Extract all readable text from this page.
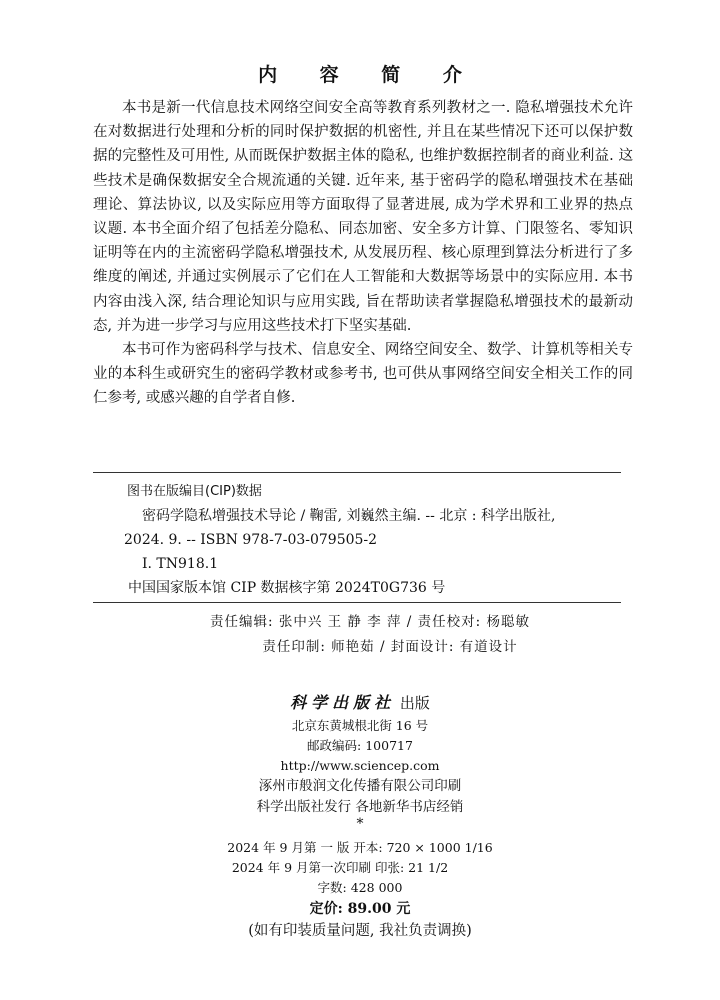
内 容 简 介

本书是新一代信息技术网络空间安全高等教育系列教材之一. 隐私增强技术允许在对数据进行处理和分析的同时保护数据的机密性, 并且在某些情况下还可以保护数据的完整性及可用性, 从而既保护数据主体的隐私, 也维护数据控制者的商业利益. 这些技术是确保数据安全合规流通的关键. 近年来, 基于密码学的隐私增强技术在基础理论、算法协议, 以及实际应用等方面取得了显著进展, 成为学术界和工业界的热点议题. 本书全面介绍了包括差分隐私、同态加密、安全多方计算、门限签名、零知识证明等在内的主流密码学隐私增强技术, 从发展历程、核心原理到算法分析进行了多维度的阐述, 并通过实例展示了它们在人工智能和大数据等场景中的实际应用. 本书内容由浅入深, 结合理论知识与应用实践, 旨在帮助读者掌握隐私增强技术的最新动态, 并为进一步学习与应用这些技术打下坚实基础.

本书可作为密码科学与技术、信息安全、网络空间安全、数学、计算机等相关专业的本科生或研究生的密码学教材或参考书, 也可供从事网络空间安全相关工作的同仁参考, 或感兴趣的自学者自修.

图书在版编目(CIP)数据
密码学隐私增强技术导论 / 鞠雷, 刘巍然主编. -- 北京 : 科学出版社,
2024. 9. -- ISBN 978-7-03-079505-2
Ⅰ. TN918.1
中国国家版本馆 CIP 数据核字第 2024T0G736 号
责任编辑: 张中兴 王 静 李 萍 / 责任校对: 杨聪敏
责任印制: 师艳茹 / 封面设计: 有道设计
科学出版社 出版
北京东黄城根北街 16 号
邮政编码: 100717
http://www.sciencep.com
涿州市般润文化传播有限公司印刷
科学出版社发行 各地新华书店经销
*
2024 年 9 月第 一 版 开本: 720 × 1000 1/16
2024 年 9 月第一次印刷 印张: 21 1/2
字数: 428 000
定价: 89.00 元
(如有印装质量问题, 我社负责调换)
